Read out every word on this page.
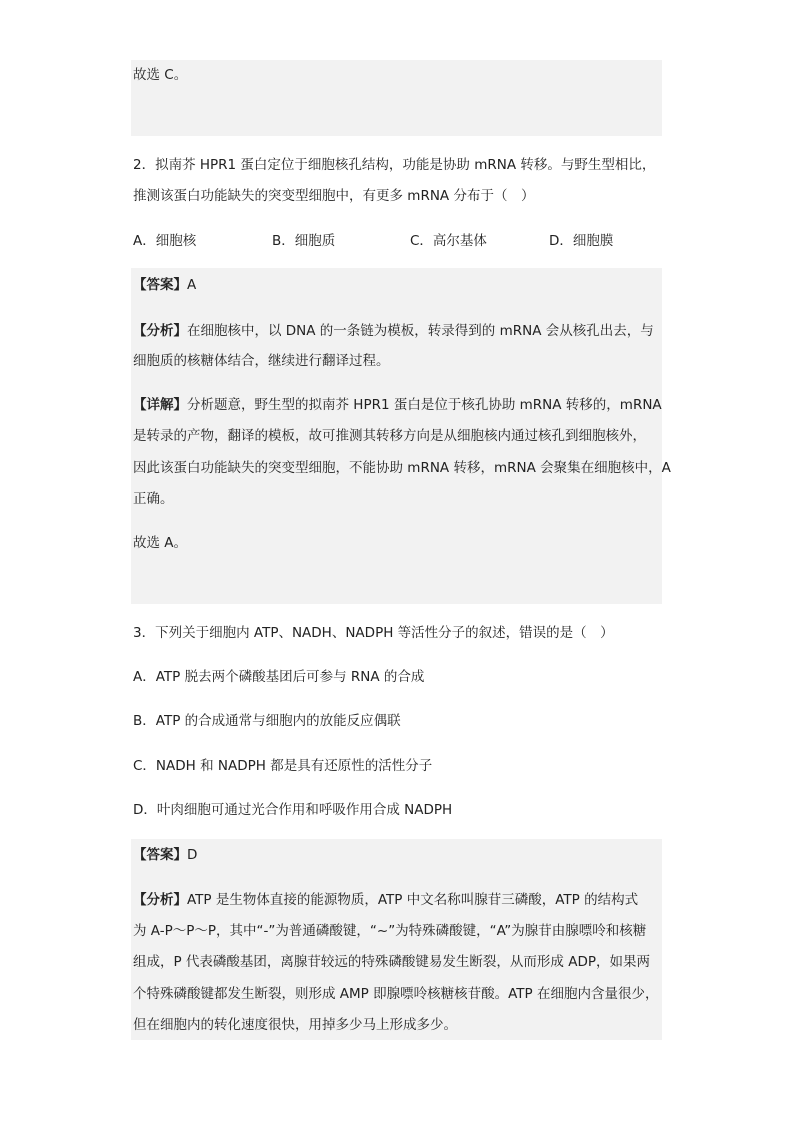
故选 C。
2．拟南芥 HPR1 蛋白定位于细胞核孔结构，功能是协助 mRNA 转移。与野生型相比，
推测该蛋白功能缺失的突变型细胞中，有更多 mRNA 分布于（　）
A．细胞核	B．细胞质	C．高尔基体	D．细胞膜
【答案】A
【分析】在细胞核中，以 DNA 的一条链为模板，转录得到的 mRNA 会从核孔出去，与
细胞质的核糖体结合，继续进行翻译过程。
【详解】分析题意，野生型的拟南芥 HPR1 蛋白是位于核孔协助 mRNA 转移的，mRNA
是转录的产物，翻译的模板，故可推测其转移方向是从细胞核内通过核孔到细胞核外，
因此该蛋白功能缺失的突变型细胞，不能协助 mRNA 转移，mRNA 会聚集在细胞核中，A
正确。
故选 A。
3．下列关于细胞内 ATP、NADH、NADPH 等活性分子的叙述，错误的是（　）
A．ATP 脱去两个磷酸基团后可参与 RNA 的合成
B．ATP 的合成通常与细胞内的放能反应偶联
C．NADH 和 NADPH 都是具有还原性的活性分子
D．叶肉细胞可通过光合作用和呼吸作用合成 NADPH
【答案】D
【分析】ATP 是生物体直接的能源物质，ATP 中文名称叫腺苷三磷酸，ATP 的结构式
为 A-P～P～P，其中“-”为普通磷酸键，“~”为特殊磷酸键，“A”为腺苷由腺嘌呤和核糖
组成，P 代表磷酸基团，离腺苷较远的特殊磷酸键易发生断裂，从而形成 ADP，如果两
个特殊磷酸键都发生断裂，则形成 AMP 即腺嘌呤核糖核苷酸。ATP 在细胞内含量很少，
但在细胞内的转化速度很快，用掉多少马上形成多少。
